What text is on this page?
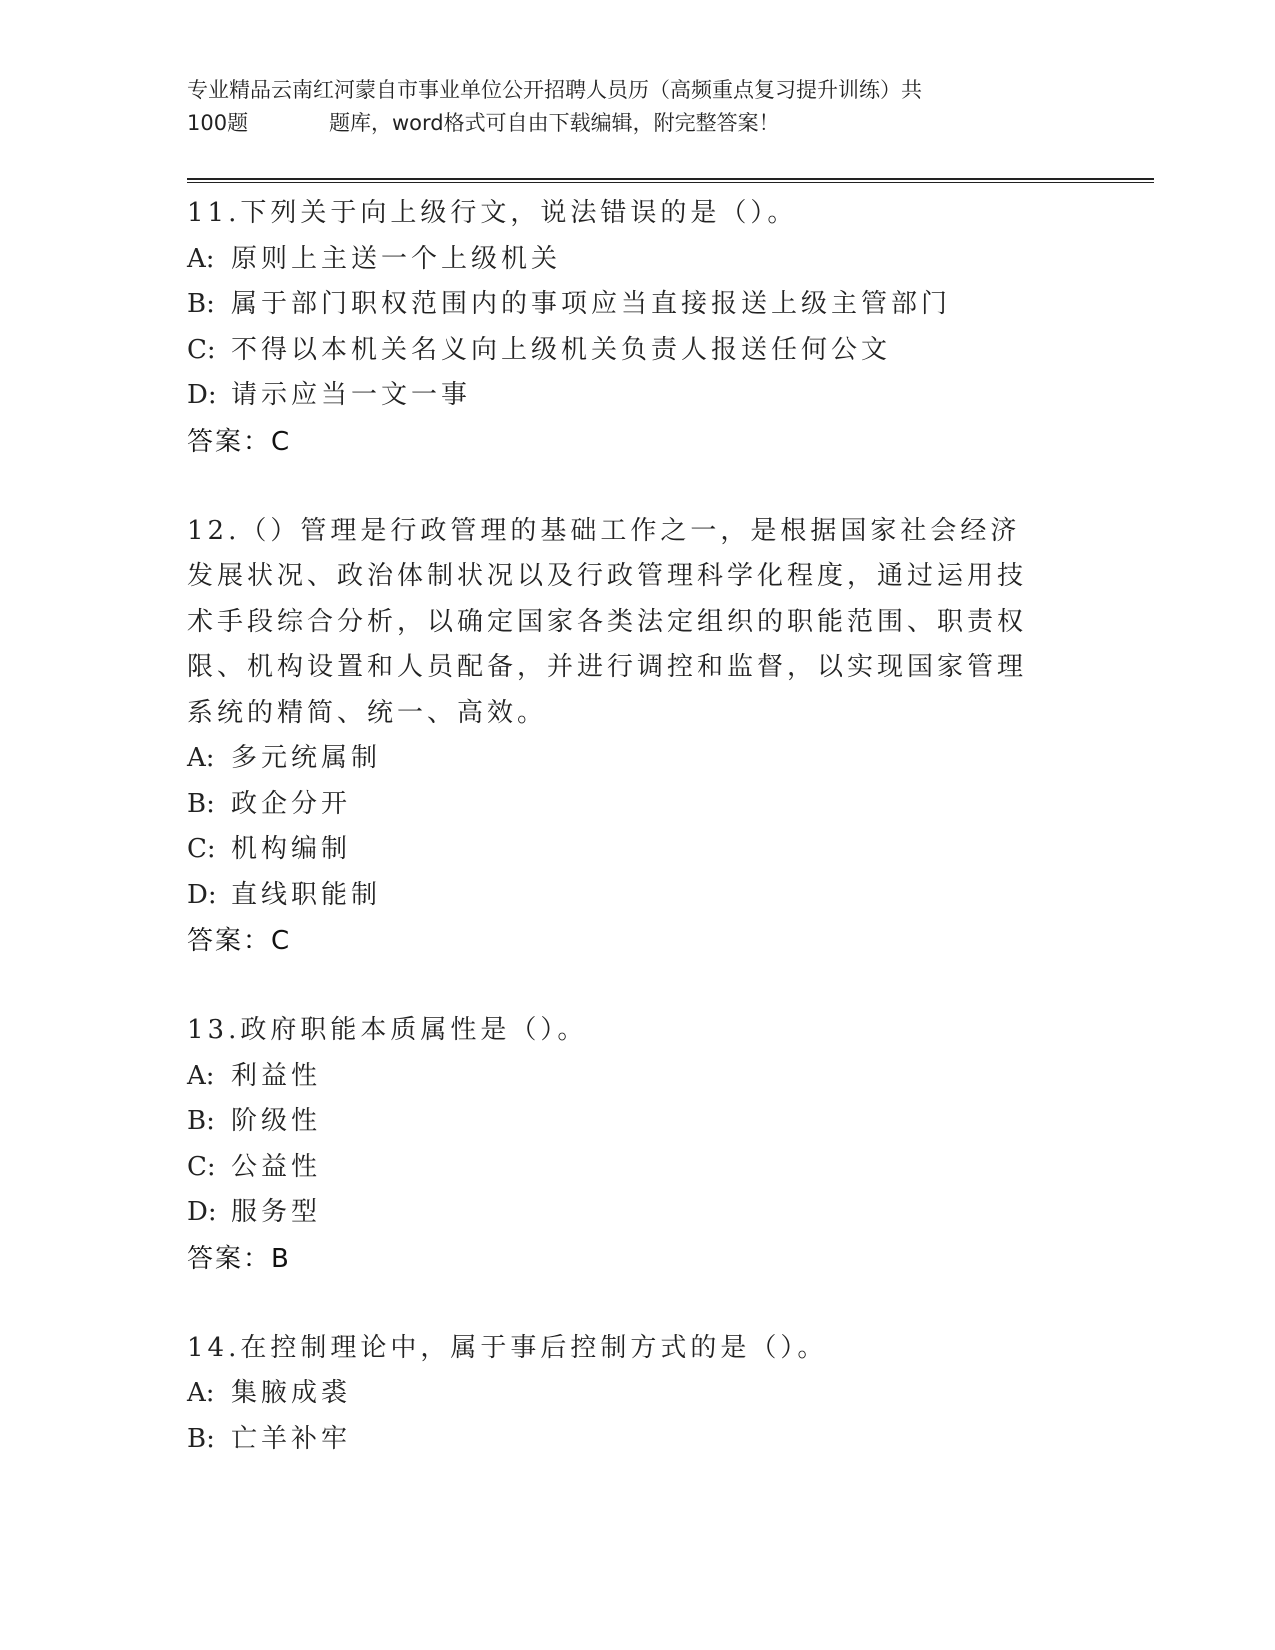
专业精品云南红河蒙自市事业单位公开招聘人员历（高频重点复习提升训练）共
100题	题库，word格式可自由下载编辑，附完整答案！

11.下列关于向上级行文，说法错误的是（）。

A: 原则上主送一个上级机关

B: 属于部门职权范围内的事项应当直接报送上级主管部门

C: 不得以本机关名义向上级机关负责人报送任何公文

D: 请示应当一文一事

答案：C

12.（）管理是行政管理的基础工作之一，是根据国家社会经济发展状况、政治体制状况以及行政管理科学化程度，通过运用技术手段综合分析，以确定国家各类法定组织的职能范围、职责权限、机构设置和人员配备，并进行调控和监督，以实现国家管理系统的精简、统一、高效。

A: 多元统属制

B: 政企分开

C: 机构编制

D: 直线职能制

答案：C

13.政府职能本质属性是（）。

A: 利益性

B: 阶级性

C: 公益性

D: 服务型

答案：B

14.在控制理论中，属于事后控制方式的是（）。

A: 集腋成裘

B: 亡羊补牢
